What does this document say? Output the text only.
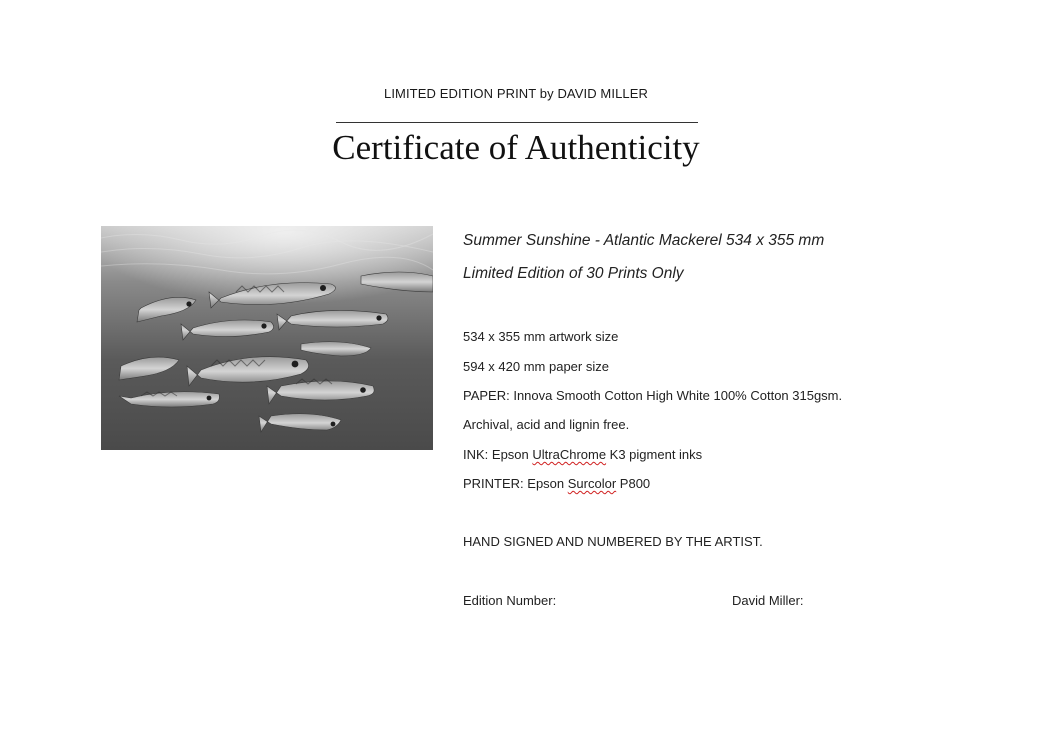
LIMITED EDITION PRINT by DAVID MILLER
Certificate of Authenticity
Summer Sunshine - Atlantic Mackerel 534 x 355 mm
Limited Edition of 30 Prints Only
534 x 355 mm artwork size
594 x 420 mm paper size
PAPER: Innova Smooth Cotton High White 100% Cotton 315gsm.
Archival, acid and lignin free.
INK: Epson UltraChrome K3 pigment inks
PRINTER: Epson Surcolor P800
HAND SIGNED AND NUMBERED BY THE ARTIST.
Edition Number:	David Miller:
